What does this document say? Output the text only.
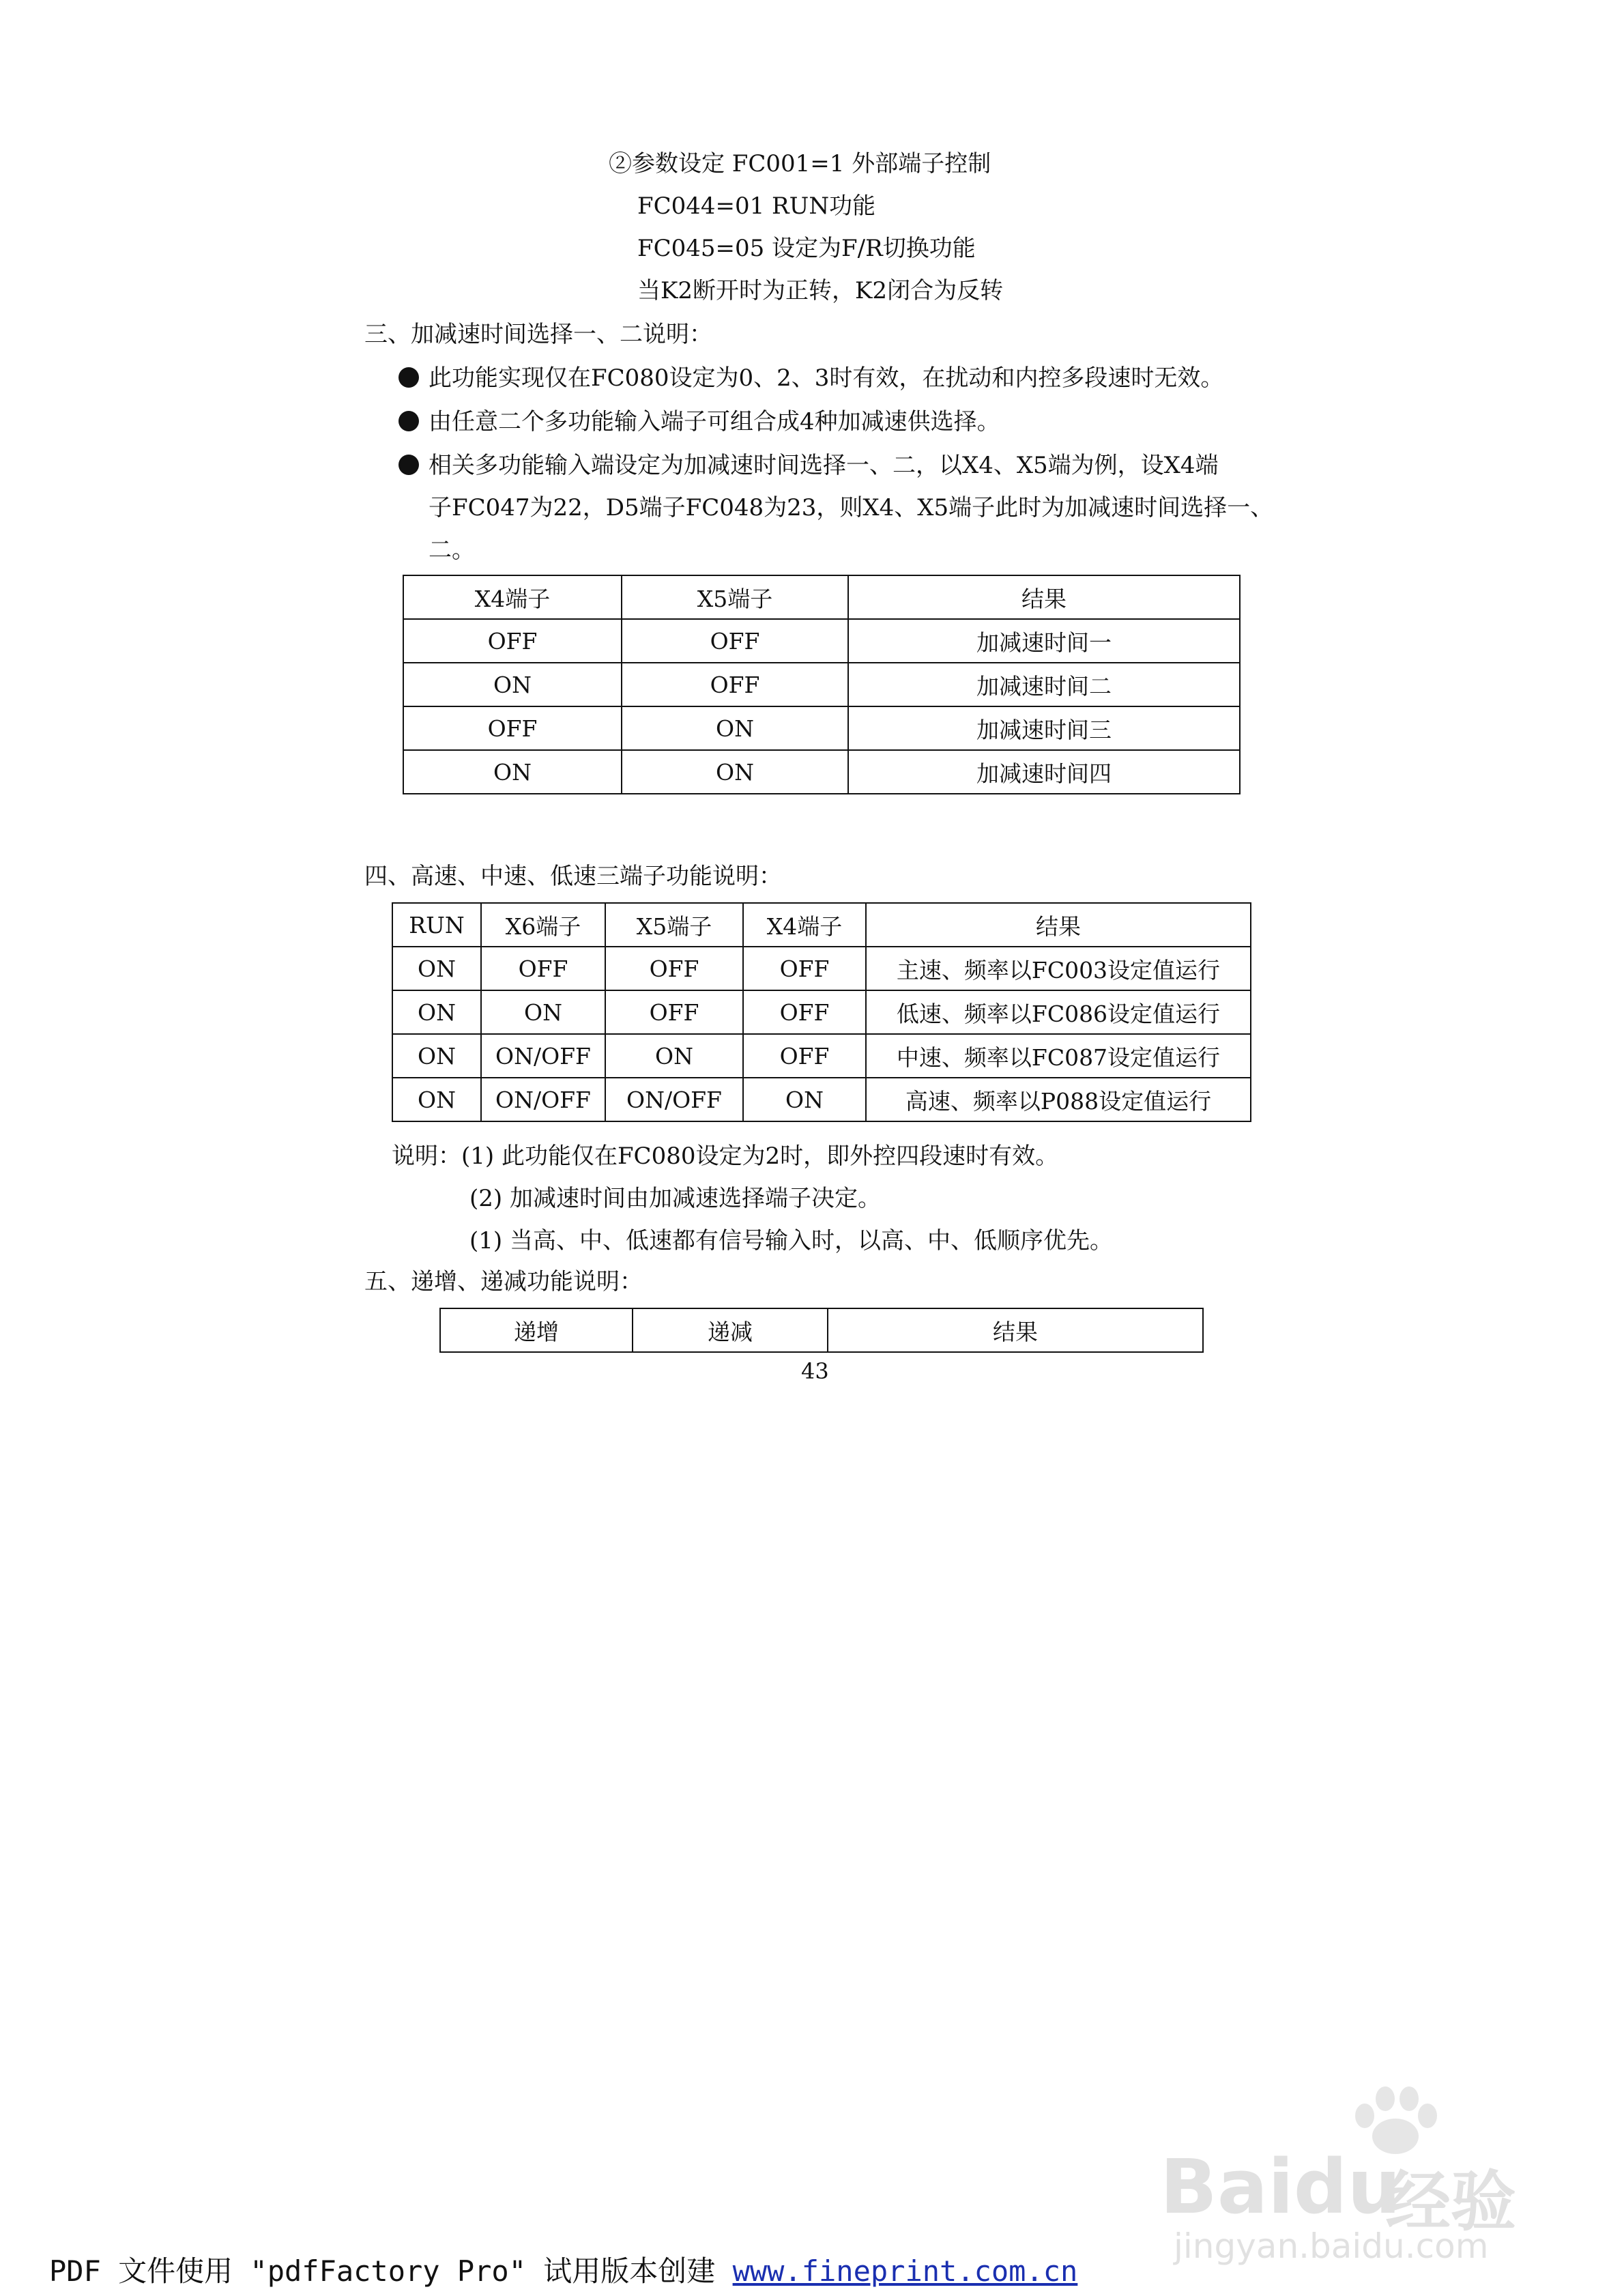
②参数设定 FC001=1 外部端子控制
FC044=01 RUN功能
FC045=05 设定为F/R切换功能
当K2断开时为正转，K2闭合为反转
三、加减速时间选择一、二说明：
此功能实现仅在FC080设定为0、2、3时有效，在扰动和内控多段速时无效。
由任意二个多功能输入端子可组合成4种加减速供选择。
相关多功能输入端设定为加减速时间选择一、二，以X4、X5端为例，设X4端
子FC047为22，D5端子FC048为23，则X4、X5端子此时为加减速时间选择一、
二。
X4端子	X5端子	结果
OFF	OFF	加减速时间一
ON	OFF	加减速时间二
OFF	ON	加减速时间三
ON	ON	加减速时间四
四、高速、中速、低速三端子功能说明：
RUN	X6端子	X5端子	X4端子	结果
ON	OFF	OFF	OFF	主速、频率以FC003设定值运行
ON	ON	OFF	OFF	低速、频率以FC086设定值运行
ON	ON/OFF	ON	OFF	中速、频率以FC087设定值运行
ON	ON/OFF	ON/OFF	ON	高速、频率以P088设定值运行
说明：(1) 此功能仅在FC080设定为2时，即外控四段速时有效。
(2) 加减速时间由加减速选择端子决定。
(1) 当高、中、低速都有信号输入时，以高、中、低顺序优先。
五、递增、递减功能说明：
递增	递减	结果
43
Baidu
经验
jingyan.baidu.com
PDF 文件使用 "pdfFactory Pro" 试用版本创建 www.fineprint.com.cn
